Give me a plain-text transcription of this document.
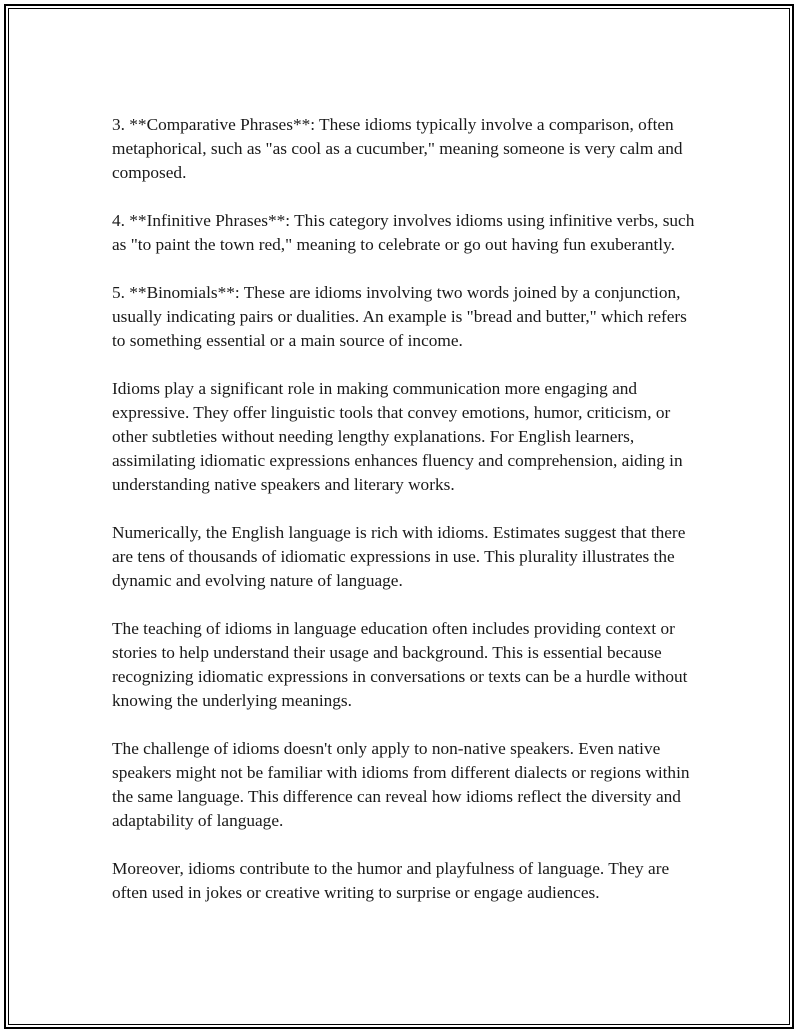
3. **Comparative Phrases**: These idioms typically involve a comparison, often metaphorical, such as "as cool as a cucumber," meaning someone is very calm and composed.

4. **Infinitive Phrases**: This category involves idioms using infinitive verbs, such as "to paint the town red," meaning to celebrate or go out having fun exuberantly.

5. **Binomials**: These are idioms involving two words joined by a conjunction, usually indicating pairs or dualities. An example is "bread and butter," which refers to something essential or a main source of income.

Idioms play a significant role in making communication more engaging and expressive. They offer linguistic tools that convey emotions, humor, criticism, or other subtleties without needing lengthy explanations. For English learners, assimilating idiomatic expressions enhances fluency and comprehension, aiding in understanding native speakers and literary works.

Numerically, the English language is rich with idioms. Estimates suggest that there are tens of thousands of idiomatic expressions in use. This plurality illustrates the dynamic and evolving nature of language.

The teaching of idioms in language education often includes providing context or stories to help understand their usage and background. This is essential because recognizing idiomatic expressions in conversations or texts can be a hurdle without knowing the underlying meanings.

The challenge of idioms doesn't only apply to non-native speakers. Even native speakers might not be familiar with idioms from different dialects or regions within the same language. This difference can reveal how idioms reflect the diversity and adaptability of language.

Moreover, idioms contribute to the humor and playfulness of language. They are often used in jokes or creative writing to surprise or engage audiences.
